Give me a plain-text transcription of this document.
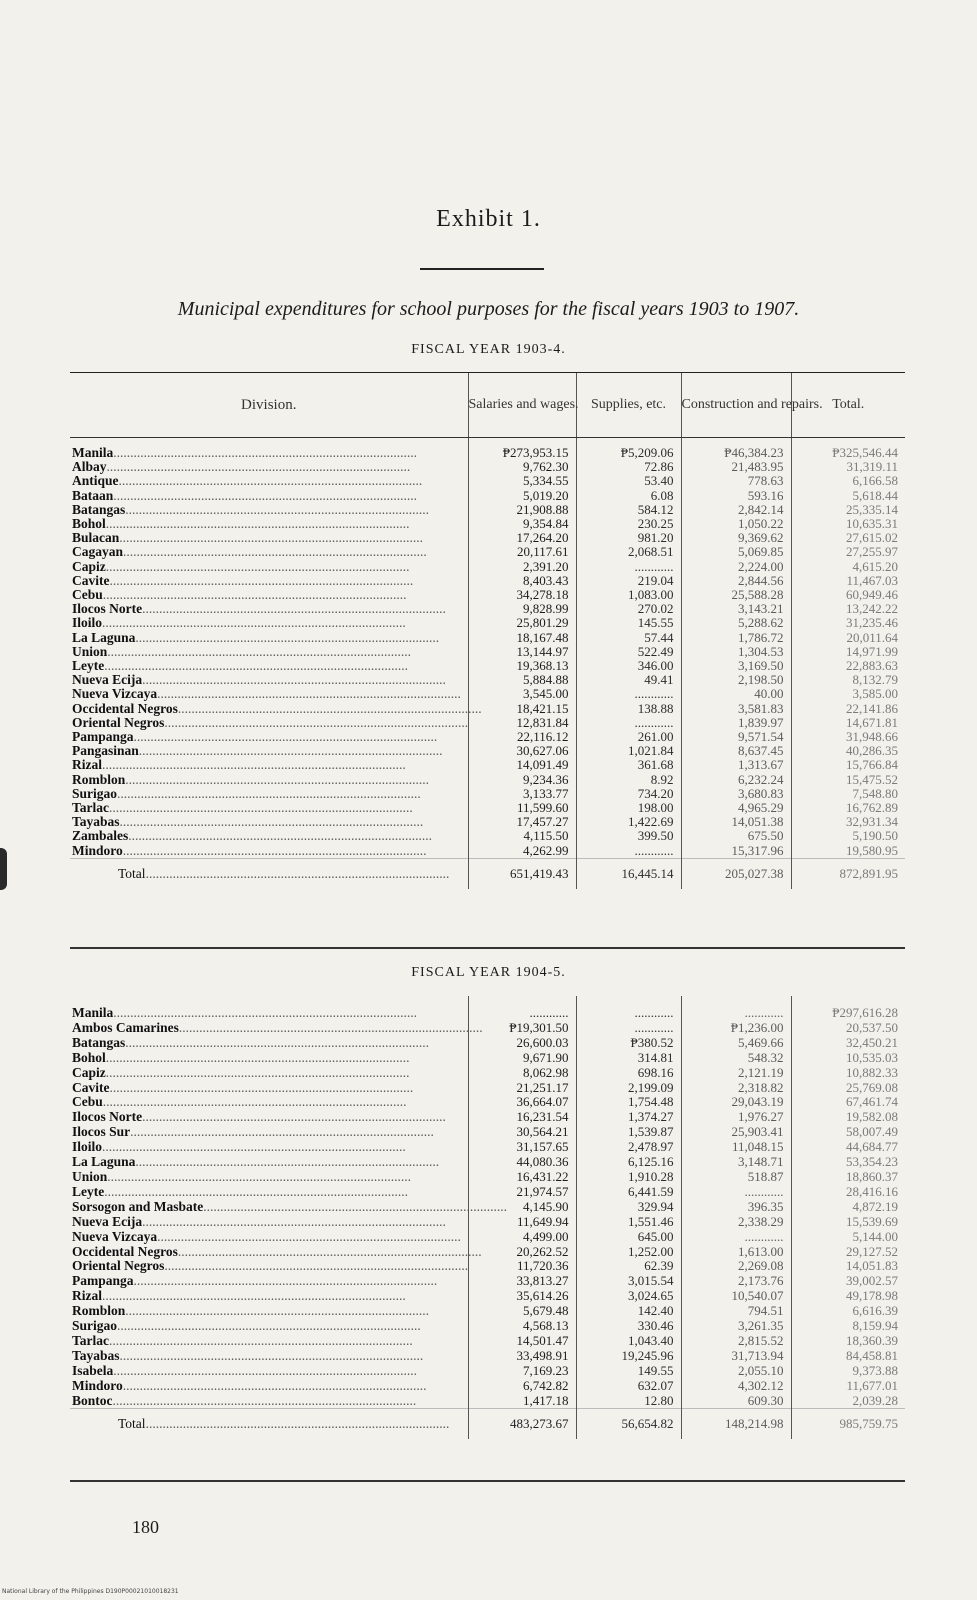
Exhibit 1.
Municipal expenditures for school purposes for the fiscal years 1903 to 1907.
FISCAL YEAR 1903-4.
Division.	Salaries and wages.	Supplies, etc.	Construction and repairs.	Total.
Manila..........................................................................................	₱273,953.15	₱5,209.06	₱46,384.23	₱325,546.44
Albay..........................................................................................	9,762.30	72.86	21,483.95	31,319.11
Antique..........................................................................................	5,334.55	53.40	778.63	6,166.58
Bataan..........................................................................................	5,019.20	6.08	593.16	5,618.44
Batangas..........................................................................................	21,908.88	584.12	2,842.14	25,335.14
Bohol..........................................................................................	9,354.84	230.25	1,050.22	10,635.31
Bulacan..........................................................................................	17,264.20	981.20	9,369.62	27,615.02
Cagayan..........................................................................................	20,117.61	2,068.51	5,069.85	27,255.97
Capiz..........................................................................................	2,391.20	............	2,224.00	4,615.20
Cavite..........................................................................................	8,403.43	219.04	2,844.56	11,467.03
Cebu..........................................................................................	34,278.18	1,083.00	25,588.28	60,949.46
Ilocos Norte..........................................................................................	9,828.99	270.02	3,143.21	13,242.22
Iloilo..........................................................................................	25,801.29	145.55	5,288.62	31,235.46
La Laguna..........................................................................................	18,167.48	57.44	1,786.72	20,011.64
Union..........................................................................................	13,144.97	522.49	1,304.53	14,971.99
Leyte..........................................................................................	19,368.13	346.00	3,169.50	22,883.63
Nueva Ecija..........................................................................................	5,884.88	49.41	2,198.50	8,132.79
Nueva Vizcaya..........................................................................................	3,545.00	............	40.00	3,585.00
Occidental Negros..........................................................................................	18,421.15	138.88	3,581.83	22,141.86
Oriental Negros..........................................................................................	12,831.84	............	1,839.97	14,671.81
Pampanga..........................................................................................	22,116.12	261.00	9,571.54	31,948.66
Pangasinan..........................................................................................	30,627.06	1,021.84	8,637.45	40,286.35
Rizal..........................................................................................	14,091.49	361.68	1,313.67	15,766.84
Romblon..........................................................................................	9,234.36	8.92	6,232.24	15,475.52
Surigao..........................................................................................	3,133.77	734.20	3,680.83	7,548.80
Tarlac..........................................................................................	11,599.60	198.00	4,965.29	16,762.89
Tayabas..........................................................................................	17,457.27	1,422.69	14,051.38	32,931.34
Zambales..........................................................................................	4,115.50	399.50	675.50	5,190.50
Mindoro..........................................................................................	4,262.99	............	15,317.96	19,580.95
Total..........................................................................................	651,419.43	16,445.14	205,027.38	872,891.95
FISCAL YEAR 1904-5.
Manila..........................................................................................	............	............	............	₱297,616.28
Ambos Camarines..........................................................................................	₱19,301.50	............	₱1,236.00	20,537.50
Batangas..........................................................................................	26,600.03	₱380.52	5,469.66	32,450.21
Bohol..........................................................................................	9,671.90	314.81	548.32	10,535.03
Capiz..........................................................................................	8,062.98	698.16	2,121.19	10,882.33
Cavite..........................................................................................	21,251.17	2,199.09	2,318.82	25,769.08
Cebu..........................................................................................	36,664.07	1,754.48	29,043.19	67,461.74
Ilocos Norte..........................................................................................	16,231.54	1,374.27	1,976.27	19,582.08
Ilocos Sur..........................................................................................	30,564.21	1,539.87	25,903.41	58,007.49
Iloilo..........................................................................................	31,157.65	2,478.97	11,048.15	44,684.77
La Laguna..........................................................................................	44,080.36	6,125.16	3,148.71	53,354.23
Union..........................................................................................	16,431.22	1,910.28	518.87	18,860.37
Leyte..........................................................................................	21,974.57	6,441.59	............	28,416.16
Sorsogon and Masbate..........................................................................................	4,145.90	329.94	396.35	4,872.19
Nueva Ecija..........................................................................................	11,649.94	1,551.46	2,338.29	15,539.69
Nueva Vizcaya..........................................................................................	4,499.00	645.00	............	5,144.00
Occidental Negros..........................................................................................	20,262.52	1,252.00	1,613.00	29,127.52
Oriental Negros..........................................................................................	11,720.36	62.39	2,269.08	14,051.83
Pampanga..........................................................................................	33,813.27	3,015.54	2,173.76	39,002.57
Rizal..........................................................................................	35,614.26	3,024.65	10,540.07	49,178.98
Romblon..........................................................................................	5,679.48	142.40	794.51	6,616.39
Surigao..........................................................................................	4,568.13	330.46	3,261.35	8,159.94
Tarlac..........................................................................................	14,501.47	1,043.40	2,815.52	18,360.39
Tayabas..........................................................................................	33,498.91	19,245.96	31,713.94	84,458.81
Isabela..........................................................................................	7,169.23	149.55	2,055.10	9,373.88
Mindoro..........................................................................................	6,742.82	632.07	4,302.12	11,677.01
Bontoc..........................................................................................	1,417.18	12.80	609.30	2,039.28
Total..........................................................................................	483,273.67	56,654.82	148,214.98	985,759.75
180
National Library of the Philippines D190P00021010018231
